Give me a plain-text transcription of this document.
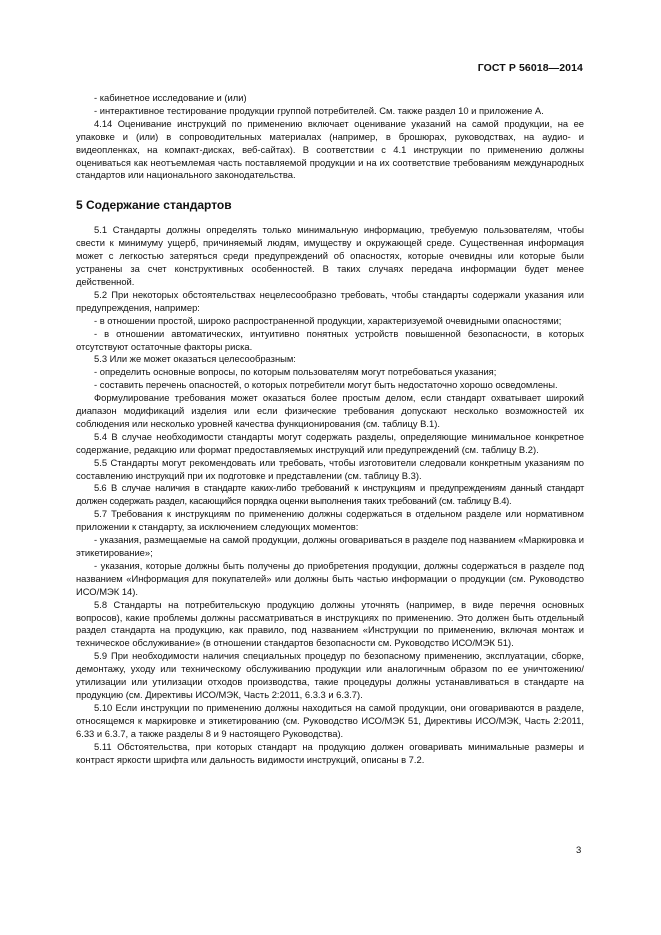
ГОСТ Р 56018—2014

- кабинетное исследование и (или)

- интерактивное тестирование продукции группой потребителей. См. также раздел 10 и приложение А.

4.14 Оценивание инструкций по применению включает оценивание указаний на самой продукции, на ее упаковке и (или) в сопроводительных материалах (например, в брошюрах, руководствах, на аудио- и видеопленках, на компакт-дисках, веб-сайтах). В соответствии с 4.1 инструкции по применению должны оцениваться как неотъемлемая часть поставляемой продукции и на их соответствие требованиям международных стандартов или национального законодательства.

5 Содержание стандартов

5.1 Стандарты должны определять только минимальную информацию, требуемую пользователям, чтобы свести к минимуму ущерб, причиняемый людям, имуществу и окружающей среде. Существенная информация может с легкостью затеряться среди предупреждений об опасностях, которые очевидны или которые были устранены за счет конструктивных особенностей. В таких случаях передача информации будет менее действенной.

5.2 При некоторых обстоятельствах нецелесообразно требовать, чтобы стандарты содержали указания или предупреждения, например:

- в отношении простой, широко распространенной продукции, характеризуемой очевидными опасностями;

- в отношении автоматических, интуитивно понятных устройств повышенной безопасности, в которых отсутствуют остаточные факторы риска.

5.3 Или же может оказаться целесообразным:

- определить основные вопросы, по которым пользователям могут потребоваться указания;

- составить перечень опасностей, о которых потребители могут быть недостаточно хорошо осведомлены.

Формулирование требования может оказаться более простым делом, если стандарт охватывает широкий диапазон модификаций изделия или если физические требования допускают несколько возможностей их соблюдения или несколько уровней качества функционирования (см. таблицу В.1).

5.4 В случае необходимости стандарты могут содержать разделы, определяющие минимальное конкретное содержание, редакцию или формат предоставляемых инструкций или предупреждений (см. таблицу В.2).

5.5 Стандарты могут рекомендовать или требовать, чтобы изготовители следовали конкретным указаниям по составлению инструкций при их подготовке и представлении (см. таблицу В.3).

5.6 В случае наличия в стандарте каких-либо требований к инструкциям и предупреждениям данный стандарт должен содержать раздел, касающийся порядка оценки выполнения таких требований (см. таблицу В.4).

5.7 Требования к инструкциям по применению должны содержаться в отдельном разделе или нормативном приложении к стандарту, за исключением следующих моментов:

- указания, размещаемые на самой продукции, должны оговариваться в разделе под названием «Маркировка и этикетирование»;

- указания, которые должны быть получены до приобретения продукции, должны содержаться в разделе под названием «Информация для покупателей» или должны быть частью информации о продукции (см. Руководство ИСО/МЭК 14).

5.8 Стандарты на потребительскую продукцию должны уточнять (например, в виде перечня основных вопросов), какие проблемы должны рассматриваться в инструкциях по применению. Это должен быть отдельный раздел стандарта на продукцию, как правило, под названием «Инструкции по применению, включая монтаж и техническое обслуживание» (в отношении стандартов безопасности см. Руководство ИСО/МЭК 51).

5.9 При необходимости наличия специальных процедур по безопасному применению, эксплуатации, сборке, демонтажу, уходу или техническому обслуживанию продукции или аналогичным образом по ее уничтожению/утилизации или утилизации отходов производства, такие процедуры должны устанавливаться в стандарте на продукцию (см. Директивы ИСО/МЭК, Часть 2:2011, 6.3.3 и 6.3.7).

5.10 Если инструкции по применению должны находиться на самой продукции, они оговариваются в разделе, относящемся к маркировке и этикетированию (см. Руководство ИСО/МЭК 51, Директивы ИСО/МЭК, Часть 2:2011, 6.33 и 6.3.7, а также разделы 8 и 9 настоящего Руководства).

5.11 Обстоятельства, при которых стандарт на продукцию должен оговаривать минимальные размеры и контраст яркости шрифта или дальность видимости инструкций, описаны в 7.2.

3
